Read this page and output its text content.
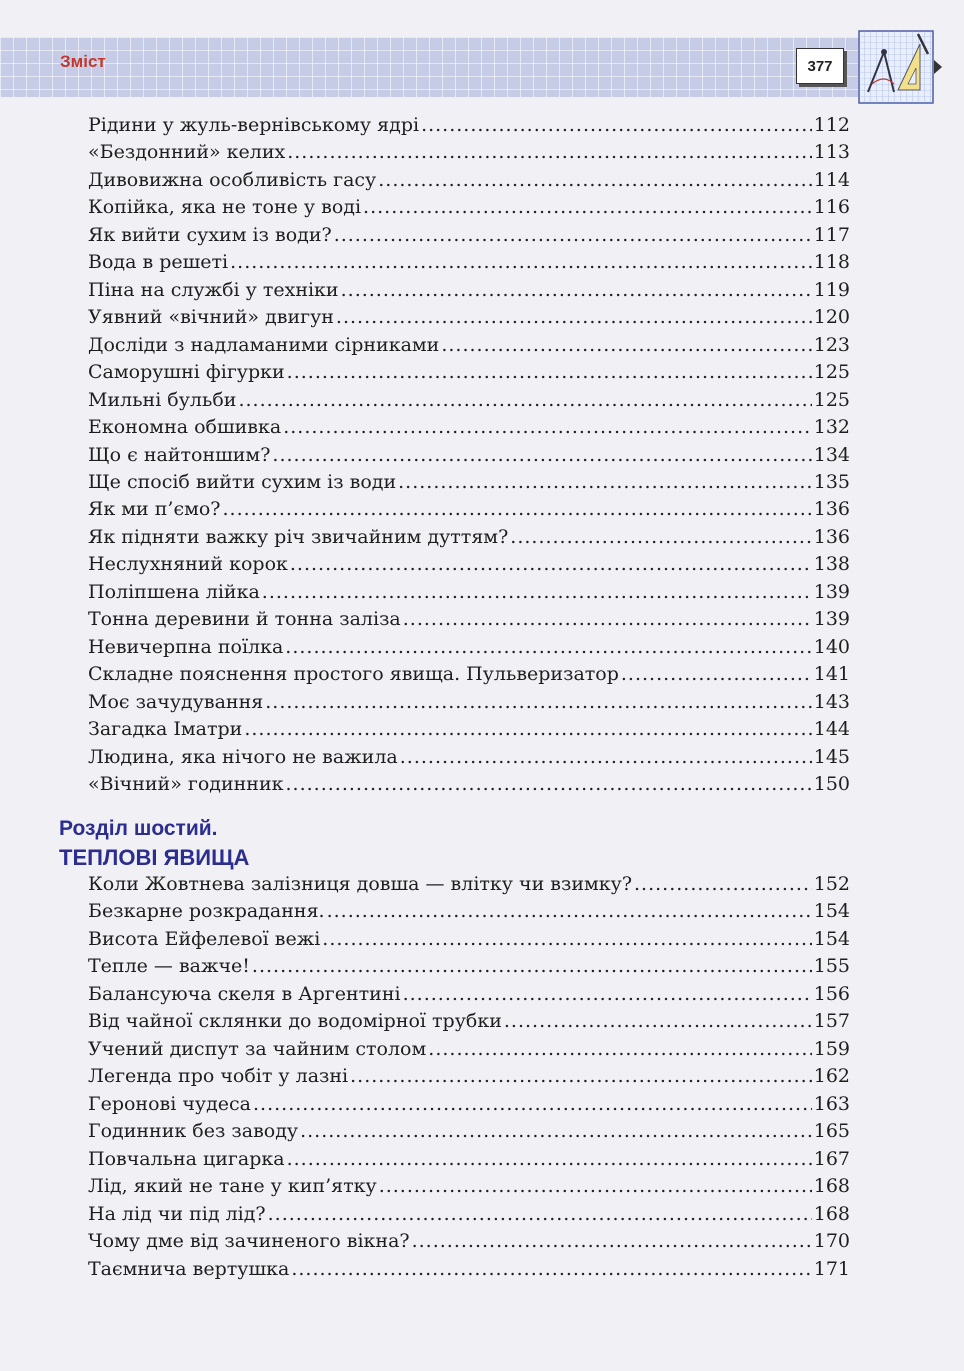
Зміст	377
Рідини у жуль-вернівському ядрі .....	112
«Бездонний» келих .....	113
Дивовижна особливість гасу .....	114
Копійка, яка не тоне у воді .....	116
Як вийти сухим із води? .....	117
Вода в решеті .....	118
Піна на службі у техніки .....	119
Уявний «вічний» двигун .....	120
Досліди з надламаними сірниками .....	123
Саморушні фігурки .....	125
Мильні бульби .....	125
Економна обшивка .....	132
Що є найтоншим? .....	134
Ще спосіб вийти сухим із води .....	135
Як ми п’ємо? .....	136
Як підняти важку річ звичайним дуттям? .....	136
Неслухняний корок .....	138
Поліпшена лійка .....	139
Тонна деревини й тонна заліза .....	139
Невичерпна поїлка .....	140
Складне пояснення простого явища. Пульверизатор .....	141
Моє зачудування .....	143
Загадка Іматри .....	144
Людина, яка нічого не важила .....	145
«Вічний» годинник .....	150
Розділ шостий.
ТЕПЛОВІ ЯВИЩА
Коли Жовтнева залізниця довша — влітку чи взимку? .....	152
Безкарне розкрадання. .....	154
Висота Ейфелевої вежі .....	154
Тепле — важче! .....	155
Балансуюча скеля в Аргентині .....	156
Від чайної склянки до водомірної трубки .....	157
Учений диспут за чайним столом .....	159
Легенда про чобіт у лазні .....	162
Геронові чудеса .....	163
Годинник без заводу .....	165
Повчальна цигарка .....	167
Лід, який не тане у кип’ятку .....	168
На лід чи під лід? .....	168
Чому дме від зачиненого вікна? .....	170
Таємнича вертушка .....	171
